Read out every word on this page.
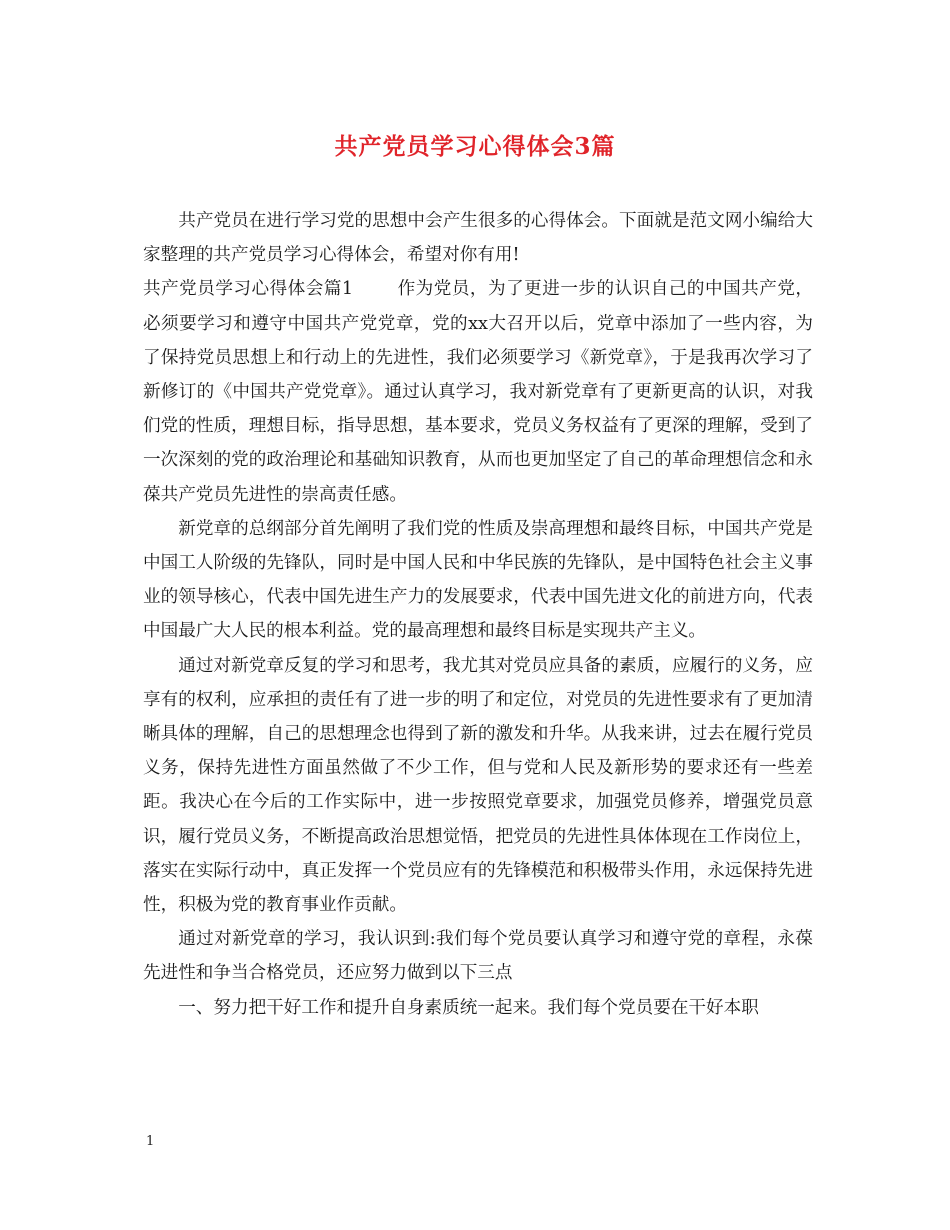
共产党员学习心得体会3篇

共产党员在进行学习党的思想中会产生很多的心得体会。下面就是范文网小编给大家整理的共产党员学习心得体会，希望对你有用!

共产党员学习心得体会篇1	作为党员，为了更进一步的认识自己的中国共产党，必须要学习和遵守中国共产党党章，党的xx大召开以后，党章中添加了一些内容，为了保持党员思想上和行动上的先进性，我们必须要学习《新党章》，于是我再次学习了新修订的《中国共产党党章》。通过认真学习，我对新党章有了更新更高的认识，对我们党的性质，理想目标，指导思想，基本要求，党员义务权益有了更深的理解，受到了一次深刻的党的政治理论和基础知识教育，从而也更加坚定了自己的革命理想信念和永葆共产党员先进性的崇高责任感。

新党章的总纲部分首先阐明了我们党的性质及崇高理想和最终目标，中国共产党是中国工人阶级的先锋队，同时是中国人民和中华民族的先锋队，是中国特色社会主义事业的领导核心，代表中国先进生产力的发展要求，代表中国先进文化的前进方向，代表中国最广大人民的根本利益。党的最高理想和最终目标是实现共产主义。

通过对新党章反复的学习和思考，我尤其对党员应具备的素质，应履行的义务，应享有的权利，应承担的责任有了进一步的明了和定位，对党员的先进性要求有了更加清晰具体的理解，自己的思想理念也得到了新的激发和升华。从我来讲，过去在履行党员义务，保持先进性方面虽然做了不少工作，但与党和人民及新形势的要求还有一些差距。我决心在今后的工作实际中，进一步按照党章要求，加强党员修养，增强党员意识，履行党员义务，不断提高政治思想觉悟，把党员的先进性具体体现在工作岗位上，落实在实际行动中，真正发挥一个党员应有的先锋模范和积极带头作用，永远保持先进性，积极为党的教育事业作贡献。

通过对新党章的学习，我认识到:我们每个党员要认真学习和遵守党的章程，永葆先进性和争当合格党员，还应努力做到以下三点

一、努力把干好工作和提升自身素质统一起来。我们每个党员要在干好本职

1
